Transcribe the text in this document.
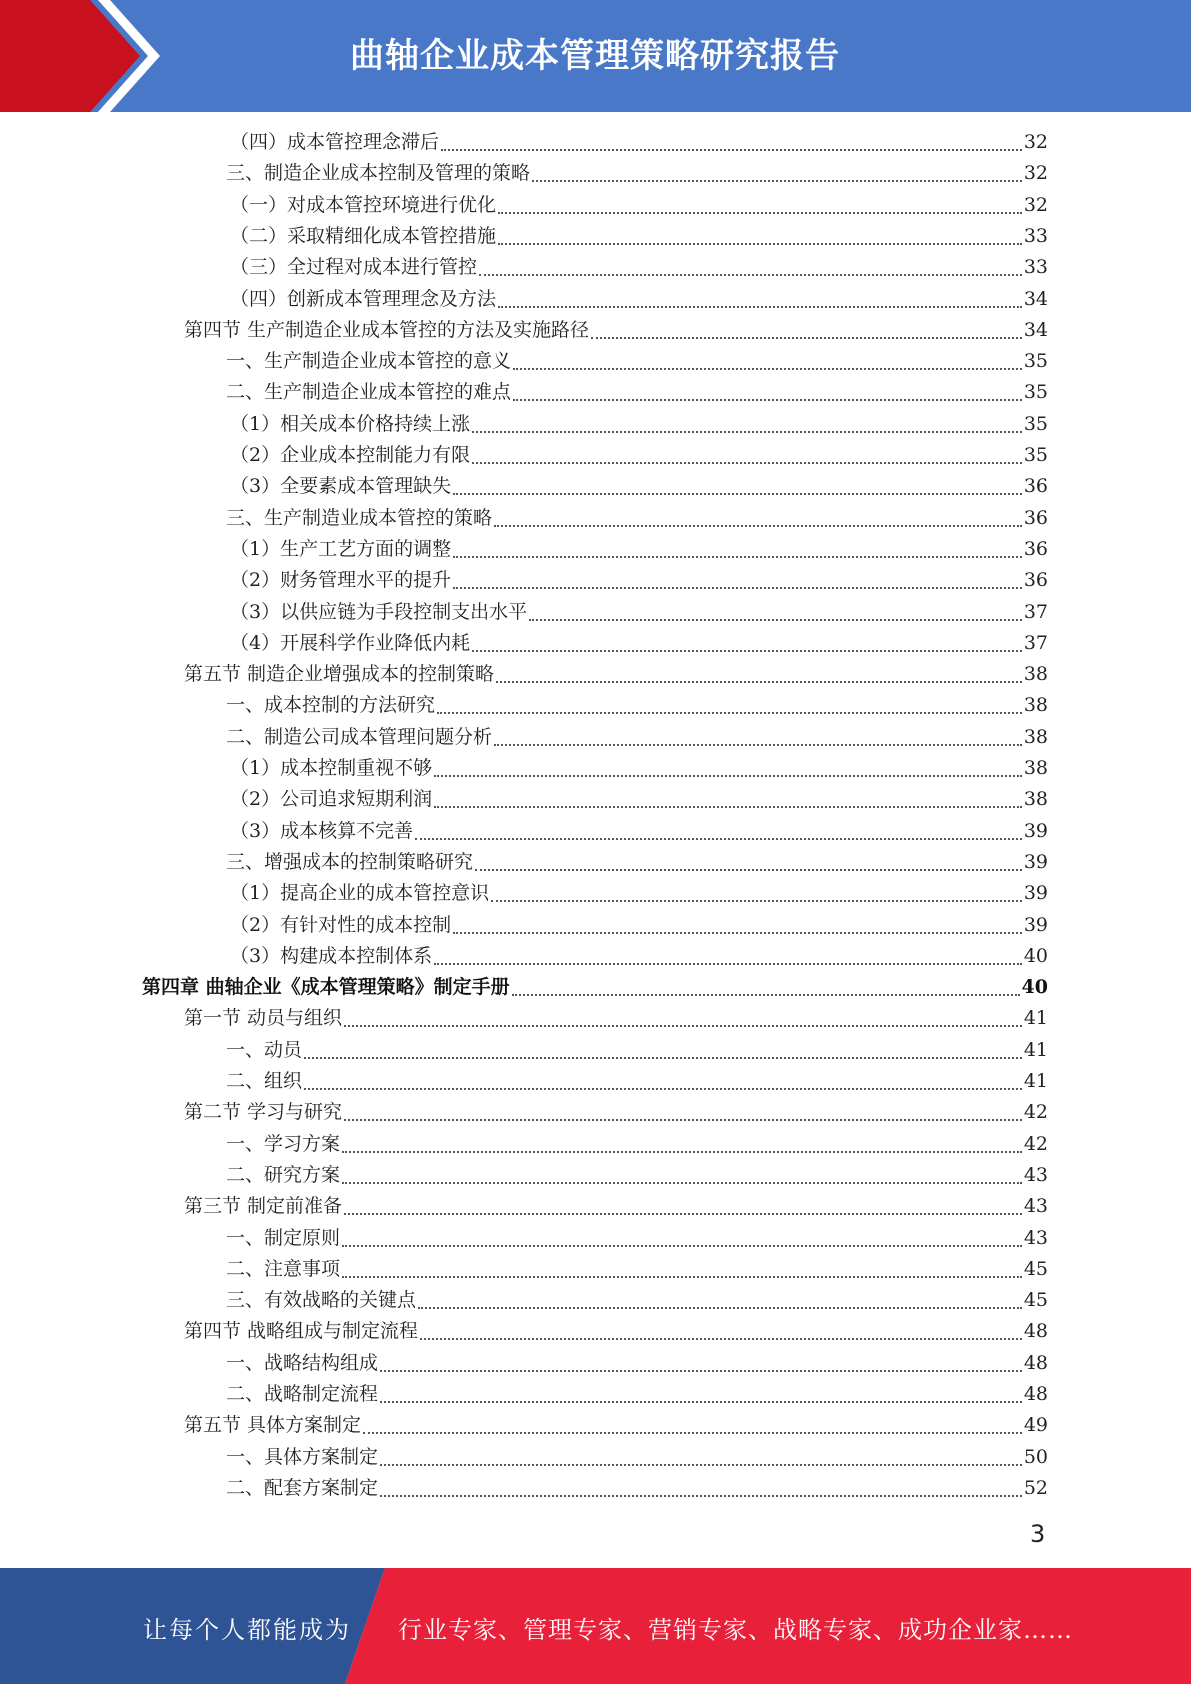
曲轴企业成本管理策略研究报告
（四）成本管控理念滞后	32
三、制造企业成本控制及管理的策略	32
（一）对成本管控环境进行优化	32
（二）采取精细化成本管控措施	33
（三）全过程对成本进行管控	33
（四）创新成本管理理念及方法	34
第四节 生产制造企业成本管控的方法及实施路径	34
一、生产制造企业成本管控的意义	35
二、生产制造企业成本管控的难点	35
（1）相关成本价格持续上涨	35
（2）企业成本控制能力有限	35
（3）全要素成本管理缺失	36
三、生产制造业成本管控的策略	36
（1）生产工艺方面的调整	36
（2）财务管理水平的提升	36
（3）以供应链为手段控制支出水平	37
（4）开展科学作业降低内耗	37
第五节 制造企业增强成本的控制策略	38
一、成本控制的方法研究	38
二、制造公司成本管理问题分析	38
（1）成本控制重视不够	38
（2）公司追求短期利润	38
（3）成本核算不完善	39
三、增强成本的控制策略研究	39
（1）提高企业的成本管控意识	39
（2）有针对性的成本控制	39
（3）构建成本控制体系	40
第四章 曲轴企业《成本管理策略》制定手册	40
第一节 动员与组织	41
一、动员	41
二、组织	41
第二节 学习与研究	42
一、学习方案	42
二、研究方案	43
第三节 制定前准备	43
一、制定原则	43
二、注意事项	45
三、有效战略的关键点	45
第四节 战略组成与制定流程	48
一、战略结构组成	48
二、战略制定流程	48
第五节 具体方案制定	49
一、具体方案制定	50
二、配套方案制定	52
3
让每个人都能成为 行业专家、管理专家、营销专家、战略专家、成功企业家……
